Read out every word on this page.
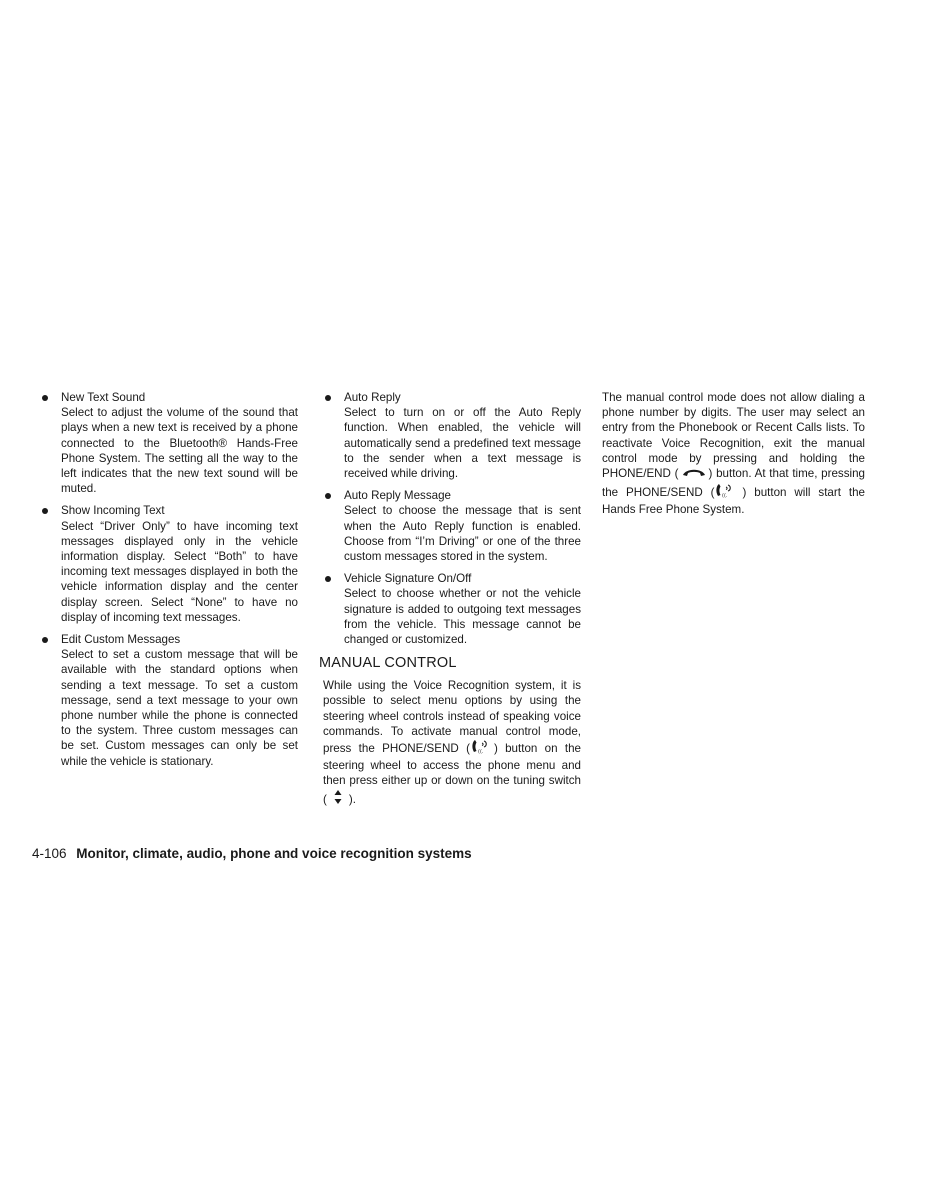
New Text Sound
Select to adjust the volume of the sound that plays when a new text is received by a phone connected to the Bluetooth® Hands-Free Phone System. The setting all the way to the left indicates that the new text sound will be muted.
Show Incoming Text
Select “Driver Only” to have incoming text messages displayed only in the vehicle information display. Select “Both” to have incoming text messages displayed in both the vehicle information display and the center display screen. Select “None” to have no display of incoming text messages.
Edit Custom Messages
Select to set a custom message that will be available with the standard options when sending a text message. To set a custom message, send a text message to your own phone number while the phone is connected to the system. Three custom messages can be set. Custom messages can only be set while the vehicle is stationary.
Auto Reply
Select to turn on or off the Auto Reply function. When enabled, the vehicle will automatically send a predefined text message to the sender when a text message is received while driving.
Auto Reply Message
Select to choose the message that is sent when the Auto Reply function is enabled. Choose from “I’m Driving” or one of the three custom messages stored in the system.
Vehicle Signature On/Off
Select to choose whether or not the vehicle signature is added to outgoing text messages from the vehicle. This message cannot be changed or customized.
MANUAL CONTROL
While using the Voice Recognition system, it is possible to select menu options by using the steering wheel controls instead of speaking voice commands. To activate manual control mode, press the PHONE/SEND ( ((. ) button on the steering wheel to access the phone menu and then press either up or down on the tuning switch ( ).
The manual control mode does not allow dialing a phone number by digits. The user may select an entry from the Phonebook or Recent Calls lists. To reactivate Voice Recognition, exit the manual control mode by pressing and holding the PHONE/END (	) button. At that time, pressing the PHONE/SEND ( ((. ) button will start the Hands Free Phone System.
4-106 Monitor, climate, audio, phone and voice recognition systems
